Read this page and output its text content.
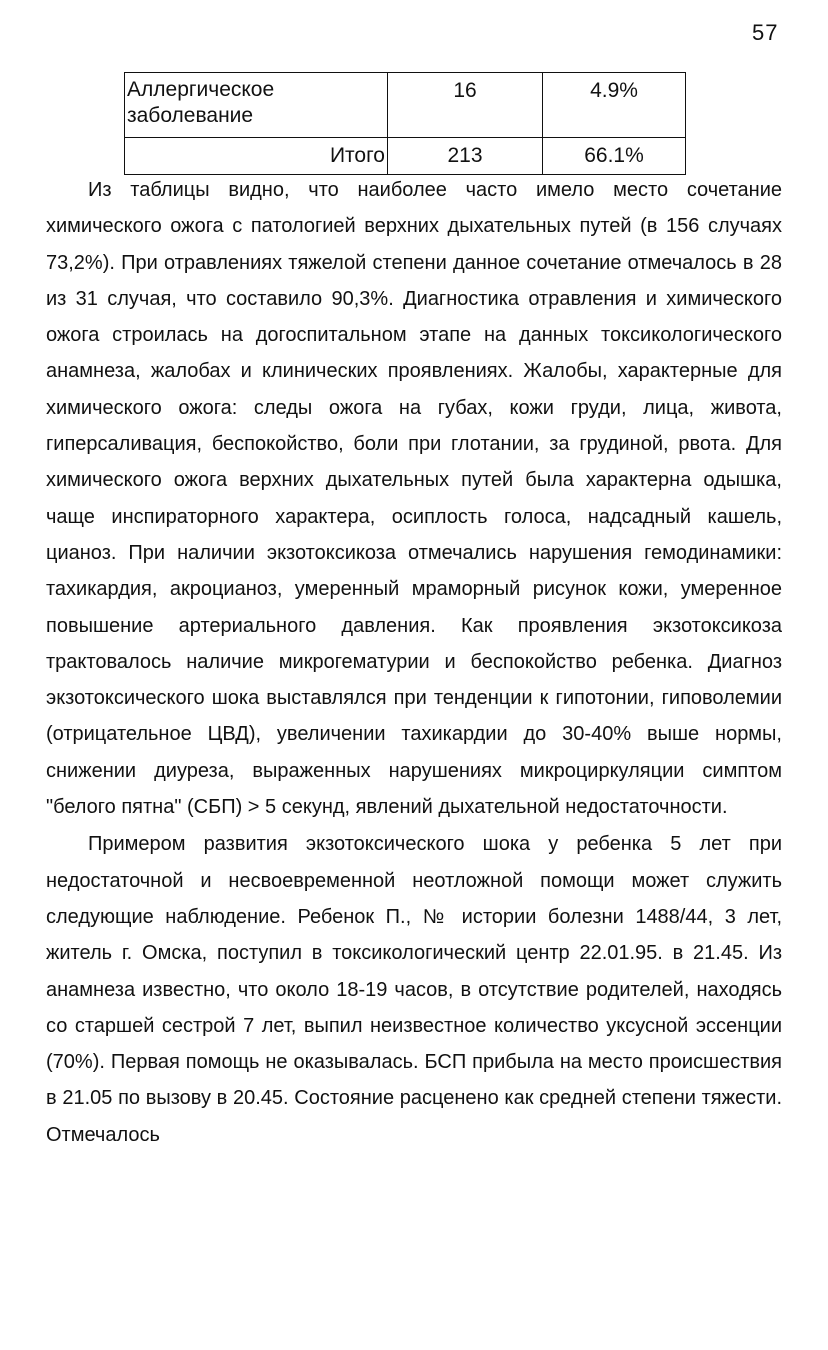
57
Аллергическое
заболевание	16	4.9%
Итого	213	66.1%

Из таблицы видно, что наиболее часто имело место сочетание химического ожога с патологией верхних дыхательных путей (в 156 случаях 73,2%). При отравлениях тяжелой степени данное сочетание отмечалось в 28 из 31 случая, что составило 90,3%. Диагностика отравления и химического ожога строилась на догоспитальном этапе на данных токсикологического анамнеза, жалобах и клинических проявлениях. Жалобы, характерные для химического ожога: следы ожога на губах, кожи груди, лица, живота, гиперсаливация, беспокойство, боли при глотании, за грудиной, рвота. Для химического ожога верхних дыхательных путей была характерна одышка, чаще инспираторного характера, осиплость голоса, надсадный кашель, цианоз. При наличии экзотоксикоза отмечались нарушения гемодинамики: тахикардия, акроцианоз, умеренный мраморный рисунок кожи, умеренное повышение артериального давления. Как проявления экзотоксикоза трактовалось наличие микрогематурии и беспокойство ребенка. Диагноз экзотоксического шока выставлялся при тенденции к гипотонии, гиповолемии (отрицательное ЦВД), увеличении тахикардии до 30-40% выше нормы, снижении диуреза, выраженных нарушениях микроциркуляции симптом "белого пятна" (СБП) > 5 секунд, явлений дыхательной недостаточности.

Примером развития экзотоксического шока у ребенка 5 лет при недостаточной и несвоевременной неотложной помощи может служить следующие наблюдение. Ребенок П., № истории болезни 1488/44, 3 лет, житель г. Омска, поступил в токсикологический центр 22.01.95. в 21.45. Из анамнеза известно, что около 18-19 часов, в отсутствие родителей, находясь со старшей сестрой 7 лет, выпил неизвестное количество уксусной эссенции (70%). Первая помощь не оказывалась. БСП прибыла на место происшествия в 21.05 по вызову в 20.45. Состояние расценено как средней степени тяжести. Отмечалось
